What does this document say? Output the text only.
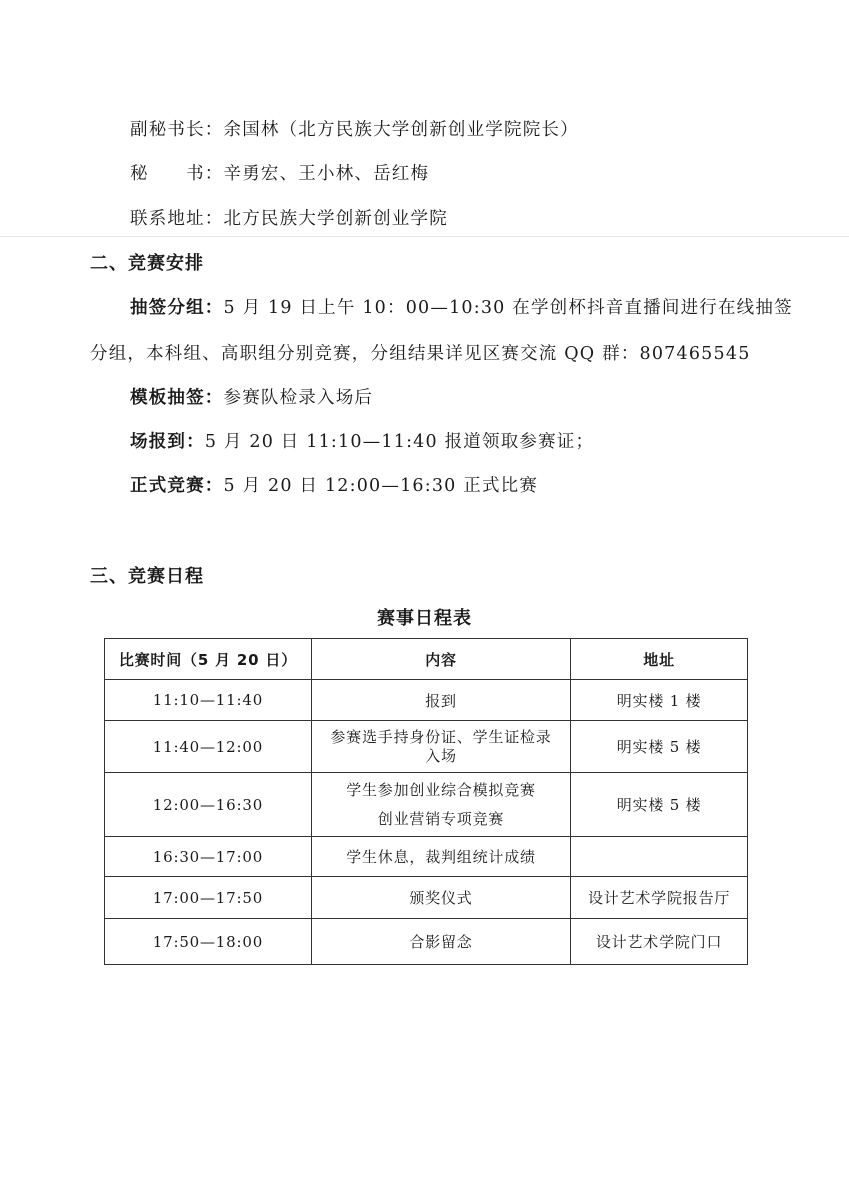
副秘书长：余国林（北方民族大学创新创业学院院长）
秘　　书：辛勇宏、王小林、岳红梅
联系地址：北方民族大学创新创业学院
二、竞赛安排
抽签分组：5 月 19 日上午 10：00—10:30 在学创杯抖音直播间进行在线抽签
分组，本科组、高职组分别竞赛，分组结果详见区赛交流 QQ 群：807465545
模板抽签：参赛队检录入场后
场报到：5 月 20 日 11:10—11:40 报道领取参赛证；
正式竞赛：5 月 20 日 12:00—16:30 正式比赛
三、竞赛日程
赛事日程表
比赛时间（5 月 20 日）	内容	地址
11:10—11:40	报到	明实楼 1 楼
11:40—12:00	参赛选手持身份证、学生证检录
入场	明实楼 5 楼
12:00—16:30	学生参加创业综合模拟竞赛
创业营销专项竞赛	明实楼 5 楼
16:30—17:00	学生休息，裁判组统计成绩	

17:00—17:50	颁奖仪式	设计艺术学院报告厅
17:50—18:00	合影留念	设计艺术学院门口
